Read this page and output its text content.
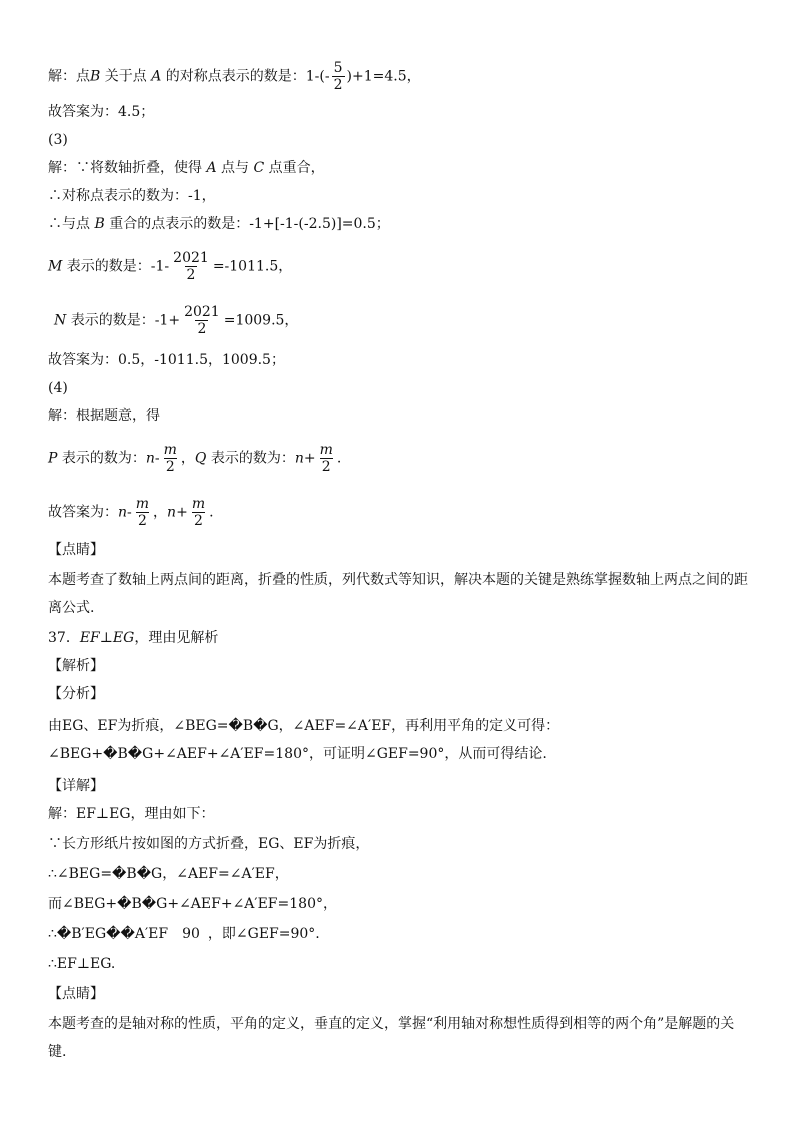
解：点B 关于点 A 的对称点表示的数是：$1-(- \frac{5}{2} )+1=4.5$，
故答案为：4.5；
(3)
解：∵将数轴折叠，使得 A 点与 C 点重合，
∴对称点表示的数为：-1，
∴与点 B 重合的点表示的数是：-1+[-1-(-2.5)]=0.5；
M 表示的数是：$-1- \frac{2021}{2} =-1011.5$，
N 表示的数是：$-1+ \frac{2021}{2} =1009.5$，
故答案为：0.5，-1011.5，1009.5；
(4)
解：根据题意，得
P 表示的数为：$n- \frac{m}{2}$ ，Q 表示的数为：$n+ \frac{m}{2}$ .
故答案为：$n- \frac{m}{2}$ ，$n+ \frac{m}{2}$ .
【点睛】
本题考查了数轴上两点间的距离，折叠的性质，列代数式等知识，解决本题的关键是熟练掌握数轴上两点之间的距离公式.
37．EF⊥EG，理由见解析
【解析】
【分析】
由EG、EF为折痕，∠BEG=�B�G，∠AEF=∠A′EF，再利用平角的定义可得：∠BEG+�B�G+∠AEF+∠A′EF=180°，可证明∠GEF=90°，从而可得结论.
【详解】
解：EF⊥EG，理由如下：
∵长方形纸片按如图的方式折叠，EG、EF为折痕，
∴∠BEG=�B�G，∠AEF=∠A′EF，
而∠BEG+�B�G+∠AEF+∠A′EF=180°，
∴�B′EG��A′EF 90 ，即∠GEF=90°.
∴EF⊥EG.
【点睛】
本题考查的是轴对称的性质，平角的定义，垂直的定义，掌握“利用轴对称想性质得到相等的两个角”是解题的关键.
